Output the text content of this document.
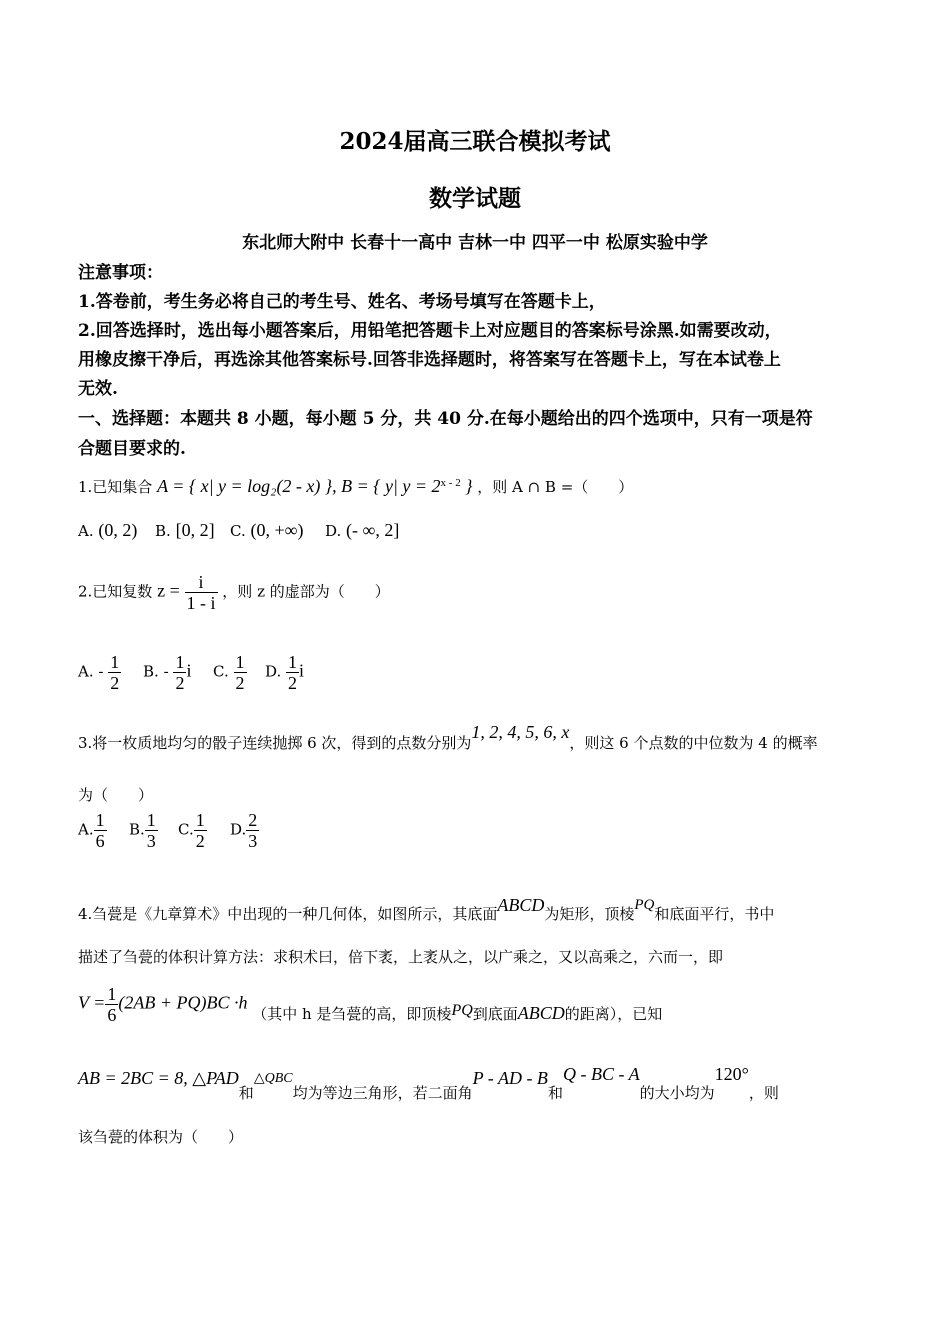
2024届高三联合模拟考试
数学试题
东北师大附中 长春十一高中 吉林一中 四平一中 松原实验中学
注意事项：
1.答卷前，考生务必将自己的考生号、姓名、考场号填写在答题卡上，
2.回答选择时，选出每小题答案后，用铅笔把答题卡上对应题目的答案标号涂黑.如需要改动，
用橡皮擦干净后，再选涂其他答案标号.回答非选择题时，将答案写在答题卡上，写在本试卷上
无效.
一、选择题：本题共 8 小题，每小题 5 分，共 40 分.在每小题给出的四个选项中，只有一项是符
合题目要求的.
1.已知集合 A = { x| y = log₂(2 - x) }, B = { y| $y = 2^{x - 2}$ } ，则 A ∩ B =（　　）
A. (0, 2) B. [0, 2] C. (0, +∞) D. (- ∞, 2]
2.已知复数 $z = \frac{i}{1 - i}$ ，则 z 的虚部为（　　）
A. - $\frac{1}{2} B$. - $\frac{1}{2}$ i C. $\frac{1}{2} D$. $\frac{1}{2}$ i
3.将一枚质地均匀的骰子连续抛掷 6 次，得到的点数分别为1, 2, 4, 5, 6, x，则这 6 个点数的中位数为 4 的概率
为（　　）
A. $\frac{1}{6} B$. $\frac{1}{3} C$. $\frac{1}{2} D$. $\frac{2}{3}$
4.刍甍是《九章算术》中出现的一种几何体，如图所示，其底面ABCD为矩形，顶棱PQ和底面平行，书中
描述了刍甍的体积计算方法：求积术曰，倍下袤，上袤从之，以广乘之，又以高乘之，六而一，即
$V = \frac{1}{6} (2AB + PQ)BC \cdot h$ （其中 h 是刍甍的高，即顶棱PQ到底面ABCD的距离），已知
AB = 2BC = 8, △PAD和△QBC均为等边三角形，若二面角P - AD - B和Q - BC - A的大小均为120°，则
该刍甍的体积为（　　）
